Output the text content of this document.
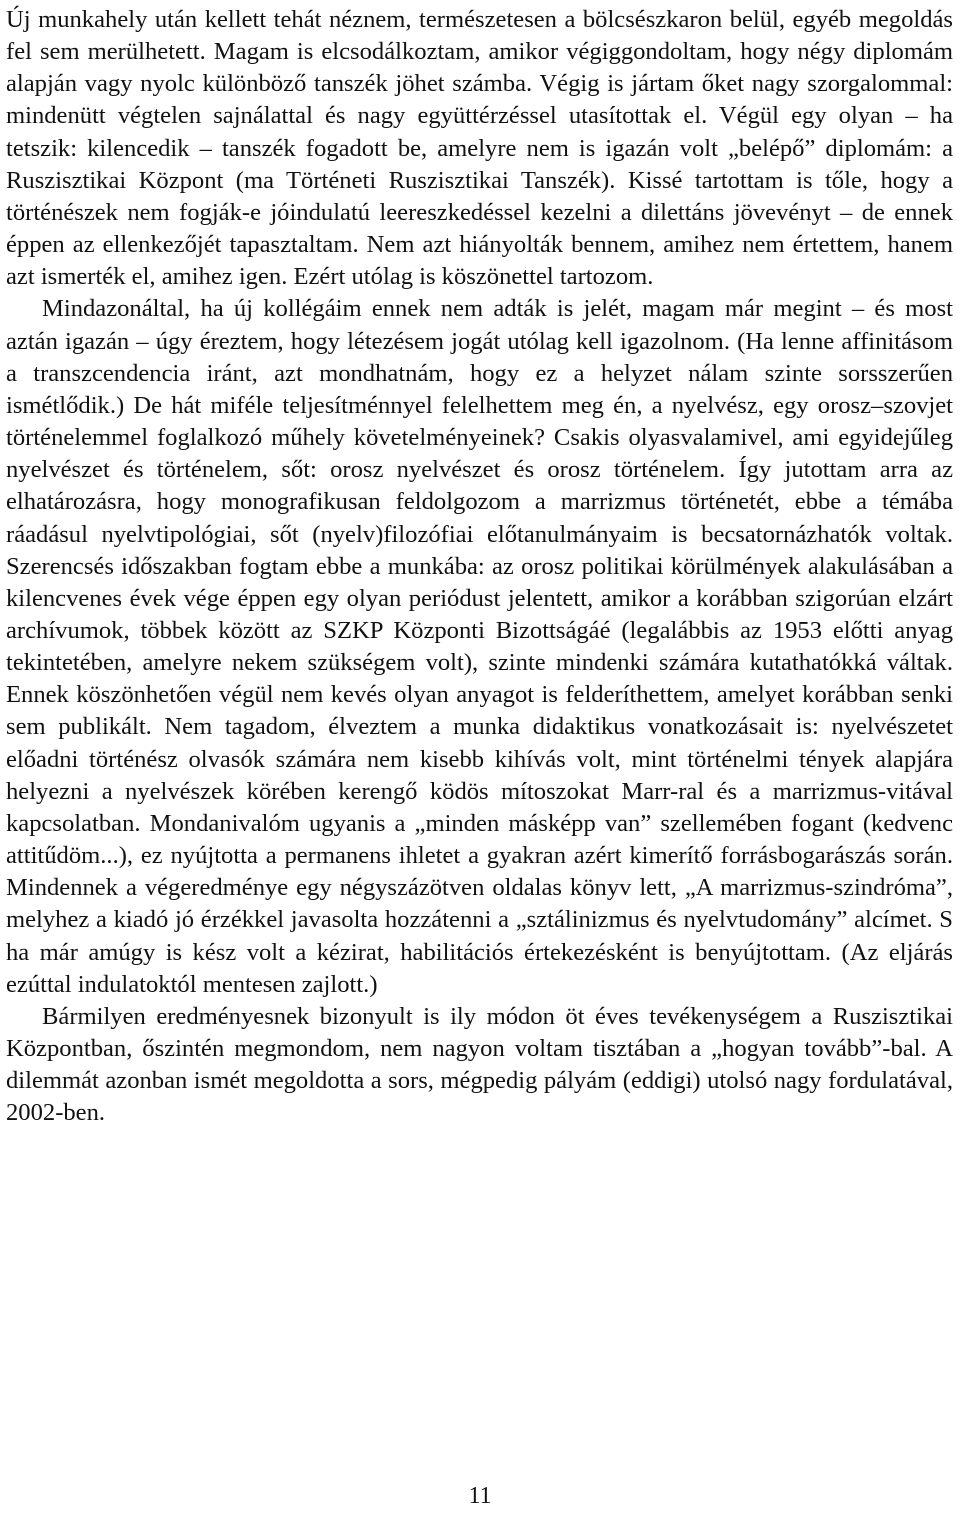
Új munkahely után kellett tehát néznem, természetesen a bölcsészkaron belül, egyéb megoldás fel sem merülhetett. Magam is elcsodálkoztam, amikor végiggondoltam, hogy négy diplomám alapján vagy nyolc különböző tanszék jöhet számba. Végig is jártam őket nagy szorgalommal: mindenütt végtelen sajnálattal és nagy együttérzéssel utasítottak el. Végül egy olyan – ha tetszik: kilencedik – tanszék fogadott be, amelyre nem is igazán volt „belépő” diplomám: a Ruszisztikai Központ (ma Történeti Ruszisztikai Tanszék). Kissé tartottam is tőle, hogy a történészek nem fogják-e jóindulatú leereszkedéssel kezelni a dilettáns jövevényt – de ennek éppen az ellenkezőjét tapasztaltam. Nem azt hiányolták bennem, amihez nem értettem, hanem azt ismerték el, amihez igen. Ezért utólag is köszönettel tartozom.

Mindazonáltal, ha új kollégáim ennek nem adták is jelét, magam már megint – és most aztán igazán – úgy éreztem, hogy létezésem jogát utólag kell igazolnom. (Ha lenne affinitásom a transzcendencia iránt, azt mondhatnám, hogy ez a helyzet nálam szinte sorsszerűen ismétlődik.) De hát miféle teljesítménnyel felelhettem meg én, a nyelvész, egy orosz–szovjet történelemmel foglalkozó műhely követelményeinek? Csakis olyasvalamivel, ami egyidejűleg nyelvészet és történelem, sőt: orosz nyelvészet és orosz történelem. Így jutottam arra az elhatározásra, hogy monografikusan feldolgozom a marrizmus történetét, ebbe a témába ráadásul nyelvtipológiai, sőt (nyelv)filozófiai előtanulmányaim is becsatornázhatók voltak. Szerencsés időszakban fogtam ebbe a munkába: az orosz politikai körülmények alakulásában a kilencvenes évek vége éppen egy olyan periódust jelentett, amikor a korábban szigorúan elzárt archívumok, többek között az SZKP Központi Bizottságáé (legalábbis az 1953 előtti anyag tekintetében, amelyre nekem szükségem volt), szinte mindenki számára kutathatókká váltak. Ennek köszönhetően végül nem kevés olyan anyagot is felderíthettem, amelyet korábban senki sem publikált. Nem tagadom, élveztem a munka didaktikus vonatkozásait is: nyelvészetet előadni történész olvasók számára nem kisebb kihívás volt, mint történelmi tények alapjára helyezni a nyelvészek körében kerengő ködös mítoszokat Marr-ral és a marrizmus-vitával kapcsolatban. Mondanivalóm ugyanis a „minden másképp van” szellemében fogant (kedvenc attitűdöm...), ez nyújtotta a permanens ihletet a gyakran azért kimerítő forrásbogarászás során. Mindennek a végeredménye egy négyszázötven oldalas könyv lett, „A marrizmus-szindróma”, melyhez a kiadó jó érzékkel javasolta hozzátenni a „sztálinizmus és nyelvtudomány” alcímet. S ha már amúgy is kész volt a kézirat, habilitációs értekezésként is benyújtottam. (Az eljárás ezúttal indulatoktól mentesen zajlott.)

Bármilyen eredményesnek bizonyult is ily módon öt éves tevékenységem a Ruszisztikai Központban, őszintén megmondom, nem nagyon voltam tisztában a „hogyan tovább”-bal. A dilemmát azonban ismét megoldotta a sors, mégpedig pályám (eddigi) utolsó nagy fordulatával, 2002-ben.

11
